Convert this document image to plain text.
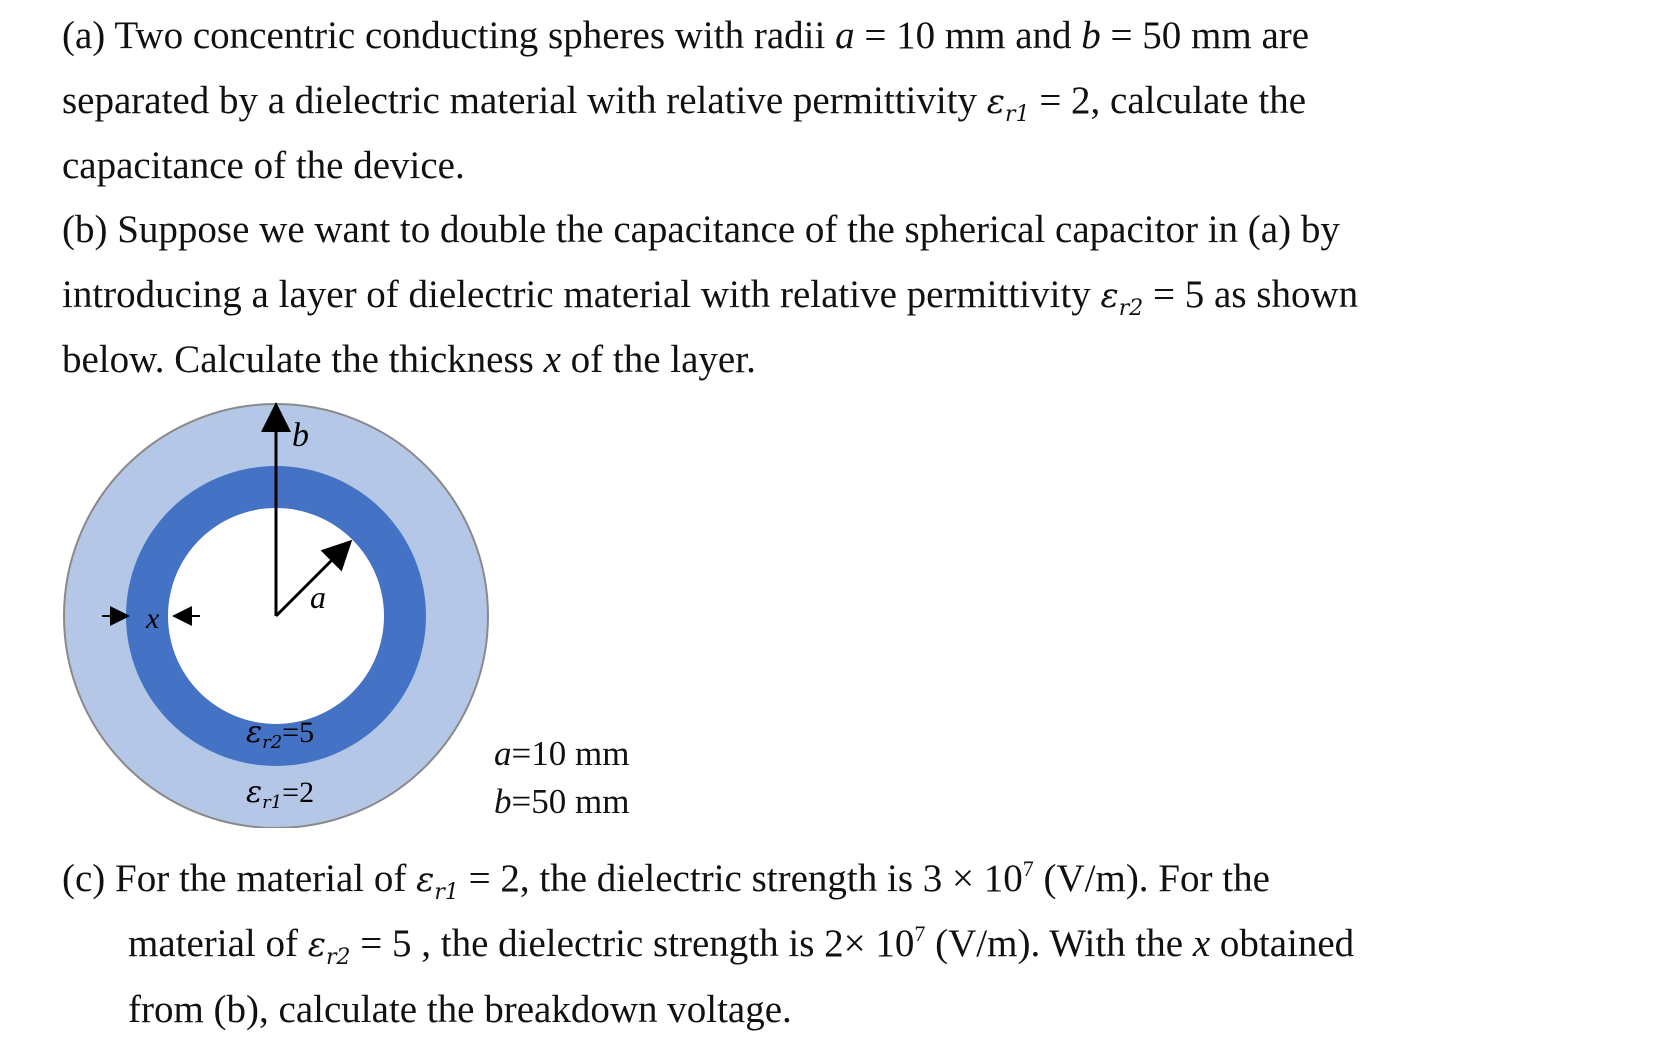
(a) Two concentric conducting spheres with radii a = 10 mm and b = 50 mm are
separated by a dielectric material with relative permittivity $\varepsilon_{r1} = 2$, calculate the
capacitance of the device.
(b) Suppose we want to double the capacitance of the spherical capacitor in (a) by
introducing a layer of dielectric material with relative permittivity $\varepsilon_{r2} = 5$ as shown
below. Calculate the thickness x of the layer.
b
a
x
$\varepsilon_{r2}=5$
$\varepsilon_{r1}=2$
a=10 mm
b=50 mm
(c) For the material of $\varepsilon_{r1} = 2$, the dielectric strength is $3 \times 10^7$ (V/m). For the
material of $\varepsilon_{r2} = 5$ , the dielectric strength is $2\times 10^7$ (V/m). With the x obtained
from (b), calculate the breakdown voltage.
